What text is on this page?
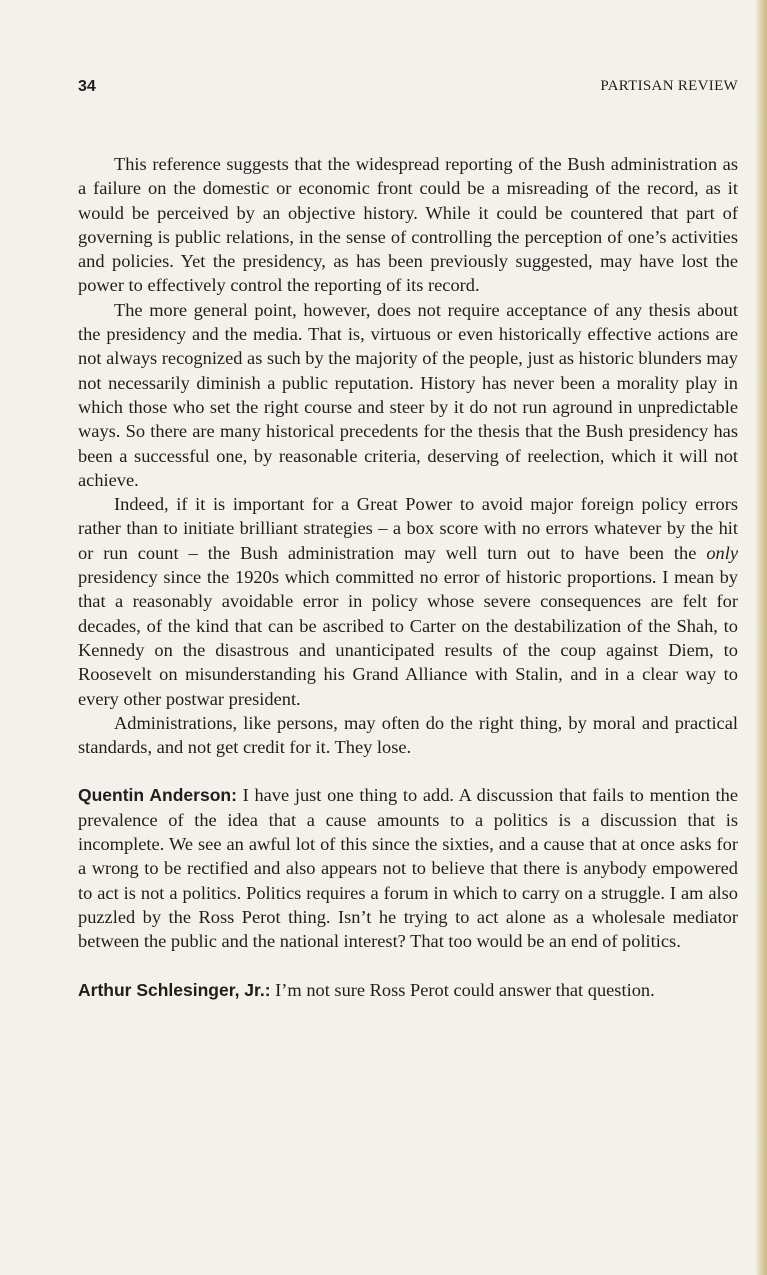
34	PARTISAN REVIEW

This reference suggests that the widespread reporting of the Bush administration as a failure on the domestic or economic front could be a misreading of the record, as it would be perceived by an objective history. While it could be countered that part of governing is public relations, in the sense of controlling the perception of one’s activities and policies. Yet the presidency, as has been previously suggested, may have lost the power to effectively control the reporting of its record.

The more general point, however, does not require acceptance of any thesis about the presidency and the media. That is, virtuous or even historically effective actions are not always recognized as such by the majority of the people, just as historic blunders may not necessarily diminish a public reputation. History has never been a morality play in which those who set the right course and steer by it do not run aground in unpredictable ways. So there are many historical precedents for the thesis that the Bush presidency has been a successful one, by reasonable criteria, deserving of reelection, which it will not achieve.

Indeed, if it is important for a Great Power to avoid major foreign policy errors rather than to initiate brilliant strategies – a box score with no errors whatever by the hit or run count – the Bush administration may well turn out to have been the only presidency since the 1920s which committed no error of historic proportions. I mean by that a reasonably avoidable error in policy whose severe consequences are felt for decades, of the kind that can be ascribed to Carter on the destabilization of the Shah, to Kennedy on the disastrous and unanticipated results of the coup against Diem, to Roosevelt on misunderstanding his Grand Alliance with Stalin, and in a clear way to every other postwar president.

Administrations, like persons, may often do the right thing, by moral and practical standards, and not get credit for it. They lose.

Quentin Anderson: I have just one thing to add. A discussion that fails to mention the prevalence of the idea that a cause amounts to a politics is a discussion that is incomplete. We see an awful lot of this since the sixties, and a cause that at once asks for a wrong to be rectified and also appears not to believe that there is anybody empowered to act is not a politics. Politics requires a forum in which to carry on a struggle. I am also puzzled by the Ross Perot thing. Isn’t he trying to act alone as a wholesale mediator between the public and the national interest? That too would be an end of politics.

Arthur Schlesinger, Jr.: I’m not sure Ross Perot could answer that question.
